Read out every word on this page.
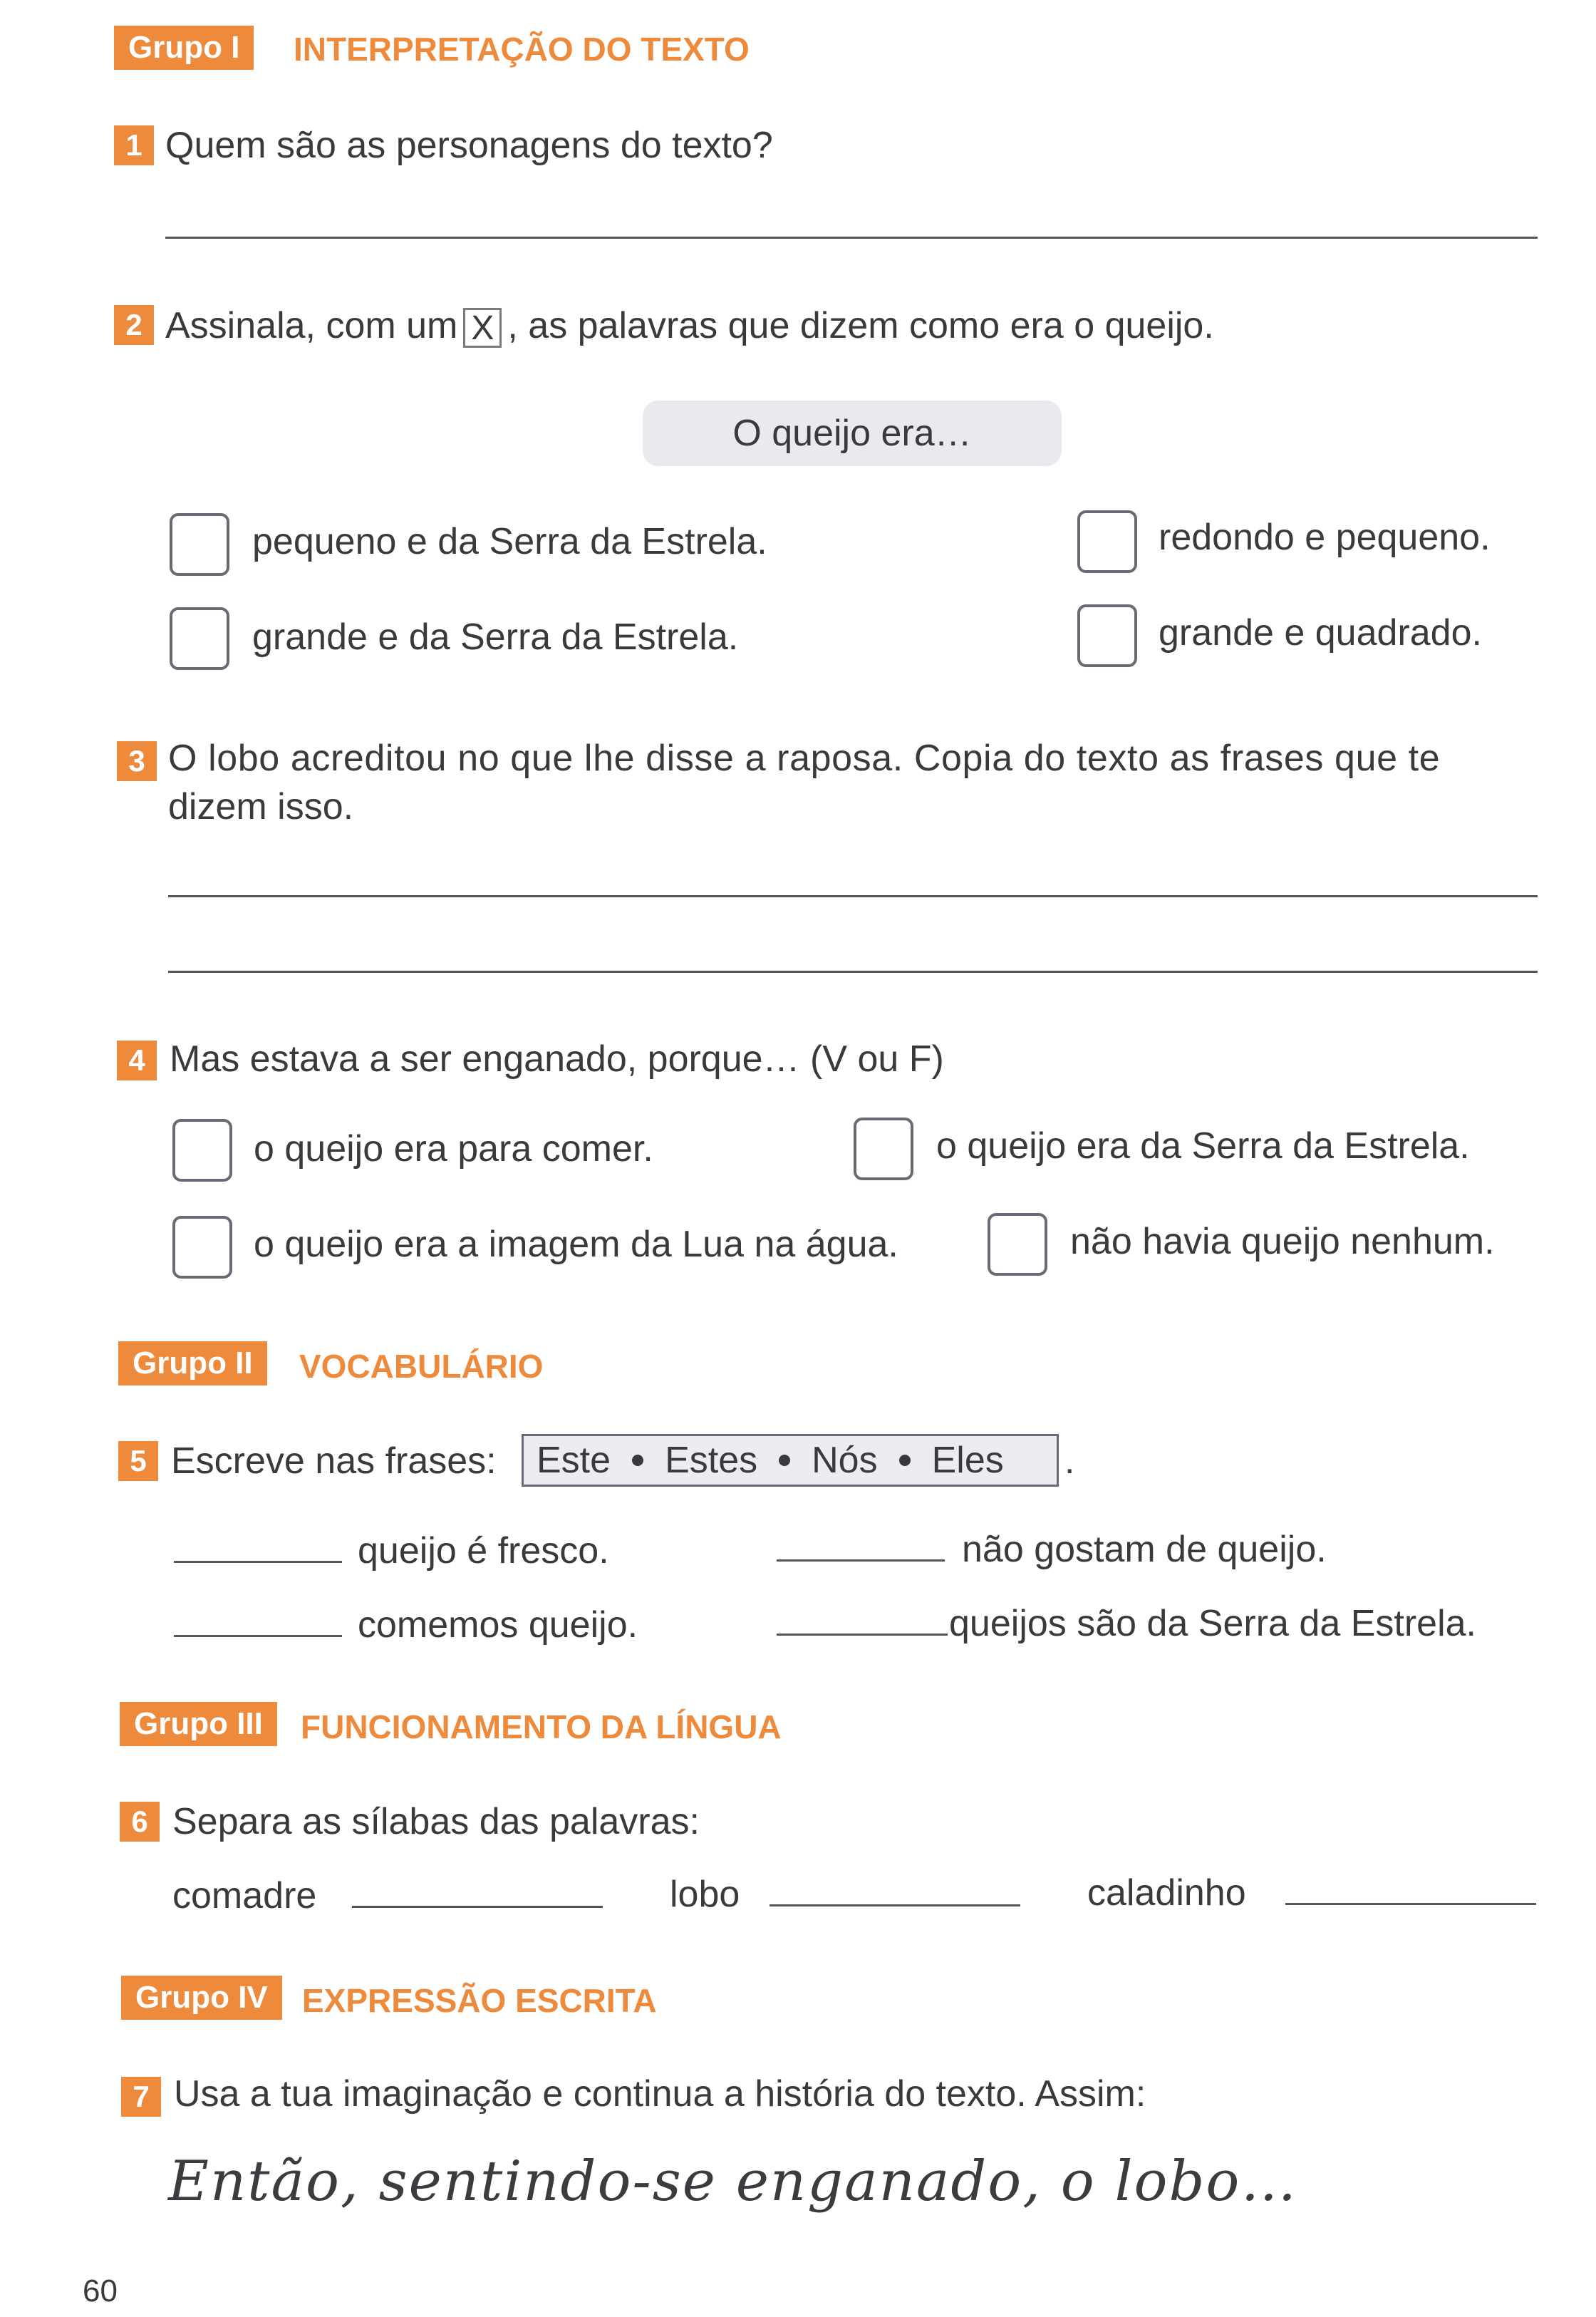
Grupo I INTERPRETAÇÃO DO TEXTO
1 Quem são as personagens do texto?
2 Assinala, com um X , as palavras que dizem como era o queijo.
O queijo era…
pequeno e da Serra da Estrela.	redondo e pequeno.
grande e da Serra da Estrela.	grande e quadrado.
3 O lobo acreditou no que lhe disse a raposa. Copia do texto as frases que te
dizem isso.
4 Mas estava a ser enganado, porque… (V ou F)
o queijo era para comer.	o queijo era da Serra da Estrela.
o queijo era a imagem da Lua na água.	não havia queijo nenhum.
Grupo II VOCABULÁRIO
5 Escreve nas frases: Este Estes Nós Eles .
queijo é fresco.	não gostam de queijo.
comemos queijo.	queijos são da Serra da Estrela.
Grupo III FUNCIONAMENTO DA LÍNGUA
6 Separa as sílabas das palavras:
comadre	lobo	caladinho
Grupo IV EXPRESSÃO ESCRITA
7 Usa a tua imaginação e continua a história do texto. Assim:
Então, sentindo-se enganado, o lobo…
60
